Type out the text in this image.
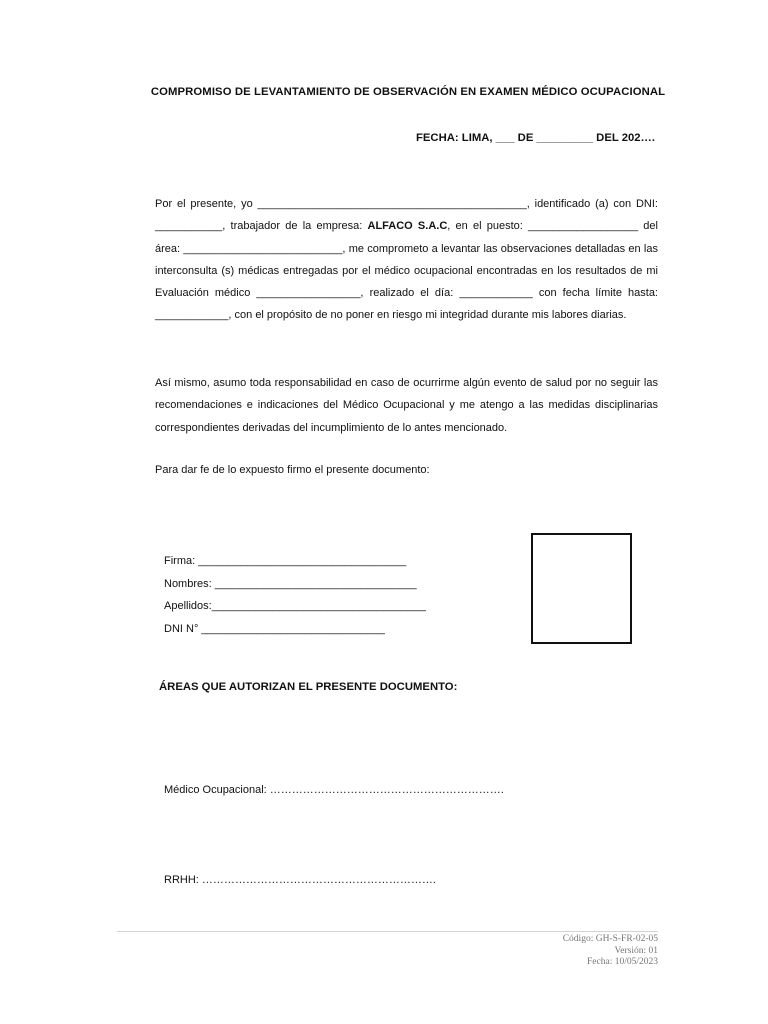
COMPROMISO DE LEVANTAMIENTO DE OBSERVACIÓN EN EXAMEN MÉDICO OCUPACIONAL
FECHA: LIMA, ___ DE _________ DEL 202….
Por el presente, yo ____________________________________________, identificado (a) con DNI: ___________, trabajador de la empresa: ALFACO S.A.C, en el puesto: __________________ del área: __________________________, me comprometo a levantar las observaciones detalladas en las interconsulta (s) médicas entregadas por el médico ocupacional encontradas en los resultados de mi Evaluación médico _________________, realizado el día: ____________ con fecha límite hasta: ____________, con el propósito de no poner en riesgo mi integridad durante mis labores diarias.
Así mismo, asumo toda responsabilidad en caso de ocurrirme algún evento de salud por no seguir las recomendaciones e indicaciones del Médico Ocupacional y me atengo a las medidas disciplinarias correspondientes derivadas del incumplimiento de lo antes mencionado.
Para dar fe de lo expuesto firmo el presente documento:
Firma: __________________________________
Nombres: _________________________________
Apellidos:___________________________________
DNI N° ______________________________
ÁREAS QUE AUTORIZAN EL PRESENTE DOCUMENTO:
Médico Ocupacional: ……………………………………………………….
RRHH: ……………………………………………………….
Código: GH-S-FR-02-05
Versión: 01
Fecha: 10/05/2023
